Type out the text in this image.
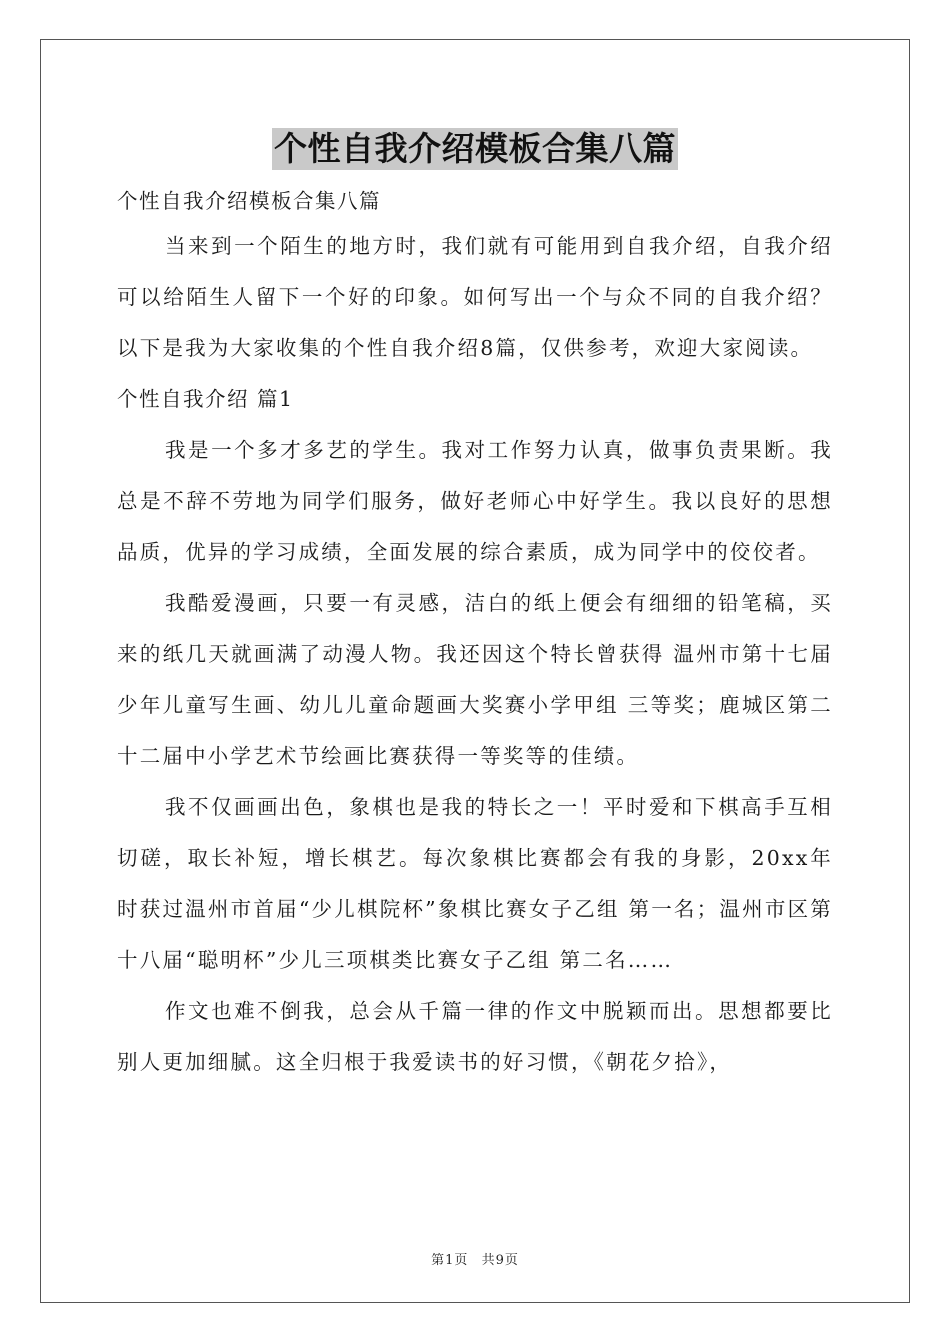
个性自我介绍模板合集八篇
个性自我介绍模板合集八篇

当来到一个陌生的地方时，我们就有可能用到自我介绍，自我介绍可以给陌生人留下一个好的印象。如何写出一个与众不同的自我介绍？以下是我为大家收集的个性自我介绍8篇，仅供参考，欢迎大家阅读。

个性自我介绍 篇1

我是一个多才多艺的学生。我对工作努力认真，做事负责果断。我总是不辞不劳地为同学们服务，做好老师心中好学生。我以良好的思想品质，优异的学习成绩，全面发展的综合素质，成为同学中的佼佼者。

我酷爱漫画，只要一有灵感，洁白的纸上便会有细细的铅笔稿，买来的纸几天就画满了动漫人物。我还因这个特长曾获得 温州市第十七届少年儿童写生画、幼儿儿童命题画大奖赛小学甲组 三等奖；鹿城区第二十二届中小学艺术节绘画比赛获得一等奖等的佳绩。

我不仅画画出色，象棋也是我的特长之一！平时爱和下棋高手互相切磋，取长补短，增长棋艺。每次象棋比赛都会有我的身影，20xx年时获过温州市首届“少儿棋院杯”象棋比赛女子乙组 第一名；温州市区第十八届“聪明杯”少儿三项棋类比赛女子乙组 第二名……

作文也难不倒我，总会从千篇一律的作文中脱颖而出。思想都要比别人更加细腻。这全归根于我爱读书的好习惯，《朝花夕拾》，

第1页 共9页
